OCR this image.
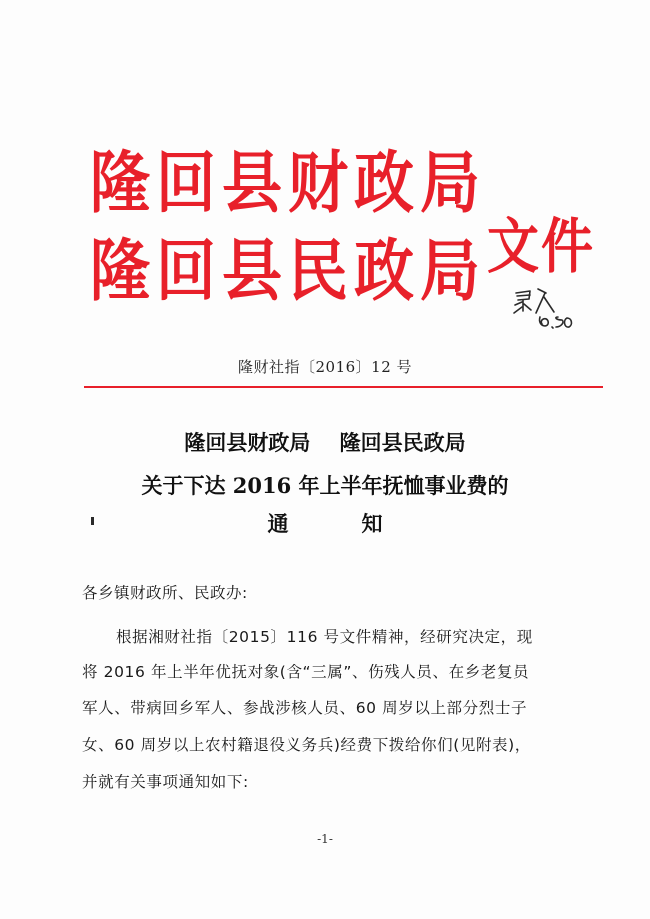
隆回县财政局
隆回县民政局 文件
隆财社指〔2016〕12 号
隆回县财政局    隆回县民政局
关于下达 2016 年上半年抚恤事业费的
通          知
各乡镇财政所、民政办:
根据湘财社指〔2015〕116 号文件精神，经研究决定，现
将 2016 年上半年优抚对象(含“三属”、伤残人员、在乡老复员
军人、带病回乡军人、参战涉核人员、60 周岁以上部分烈士子
女、60 周岁以上农村籍退役义务兵)经费下拨给你们(见附表)，
并就有关事项通知如下:
-1-
